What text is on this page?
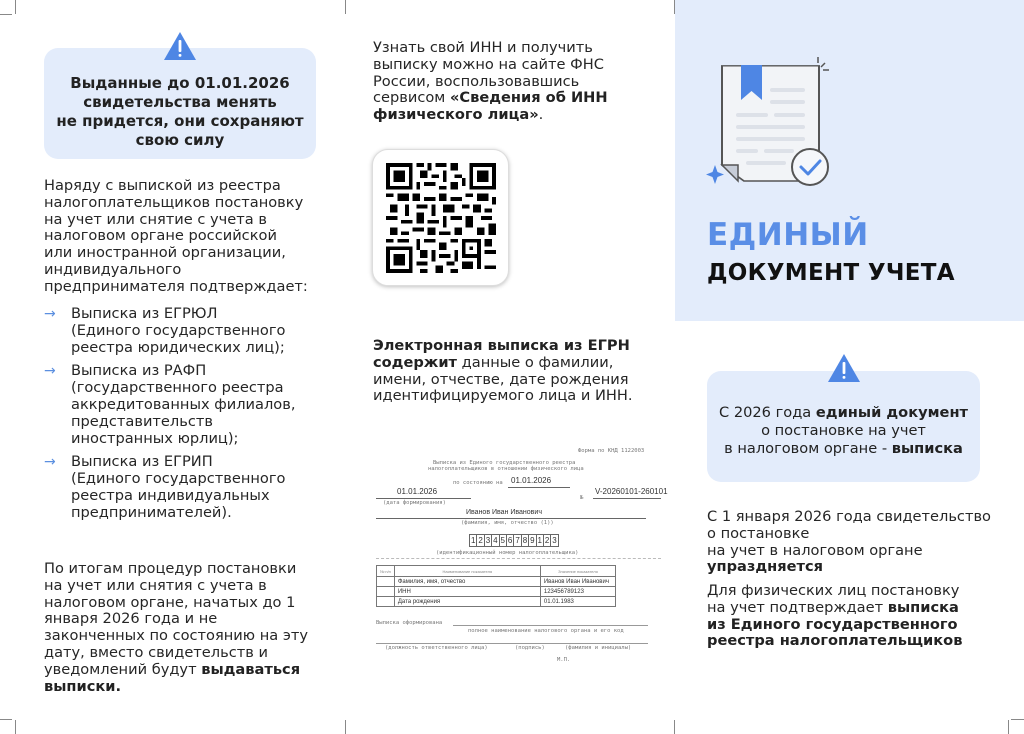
Выданные до 01.01.2026
свидетельства менять
не придется, они сохраняют
свою силу
Наряду с выпиской из реестра
налогоплательщиков постановку
на учет или снятие с учета в
налоговом органе российской
или иностранной организации,
индивидуального
предпринимателя подтверждает:
→ Выписка из ЕГРЮЛ
(Единого государственного
реестра юридических лиц);
→ Выписка из РАФП
(государственного реестра
аккредитованных филиалов,
представительств
иностранных юрлиц);
→ Выписка из ЕГРИП
(Единого государственного
реестра индивидуальных
предпринимателей).
По итогам процедур постановки
на учет или снятия с учета в
налоговом органе, начатых до 1
января 2026 года и не
законченных по состоянию на эту
дату, вместо свидетельств и
уведомлений будут выдаваться
выписки.
Узнать свой ИНН и получить
выписку можно на сайте ФНС
России, воспользовавшись
сервисом «Сведения об ИНН
физического лица».
Электронная выписка из ЕГРН
содержит данные о фамилии,
имени, отчестве, дате рождения
идентифицируемого лица и ИНН.
Форма по КНД 1122003
Выписка из Единого государственного реестра
налогоплательщиков в отношении физического лица
по состоянию на 01.01.2026
01.01.2026
(дата формирования)
№
V-20260101-260101
Иванов Иван Иванович
(фамилия, имя, отчество (1))
1 2 3 4 5 6 7 8 9 1 2 3
(идентификационный номер налогоплательщика)
№ п/п	Наименование показателя	Значение показателя
	Фамилия, имя, отчество	Иванов Иван Иванович
	ИНН	123456789123
	Дата рождения	01.01.1983
Выписка оформирована
полное наименование налогового органа и его код
(должность ответственного лица)	(подпись)	(фамилия и инициалы)
М.П.
ЕДИНЫЙ
ДОКУМЕНТ УЧЕТА
С 2026 года единый документ
о постановке на учет
в налоговом органе - выписка
С 1 января 2026 года свидетельство
о постановке
на учет в налоговом органе
упраздняется
Для физических лиц постановку
на учет подтверждает выписка
из Единого государственного
реестра налогоплательщиков
